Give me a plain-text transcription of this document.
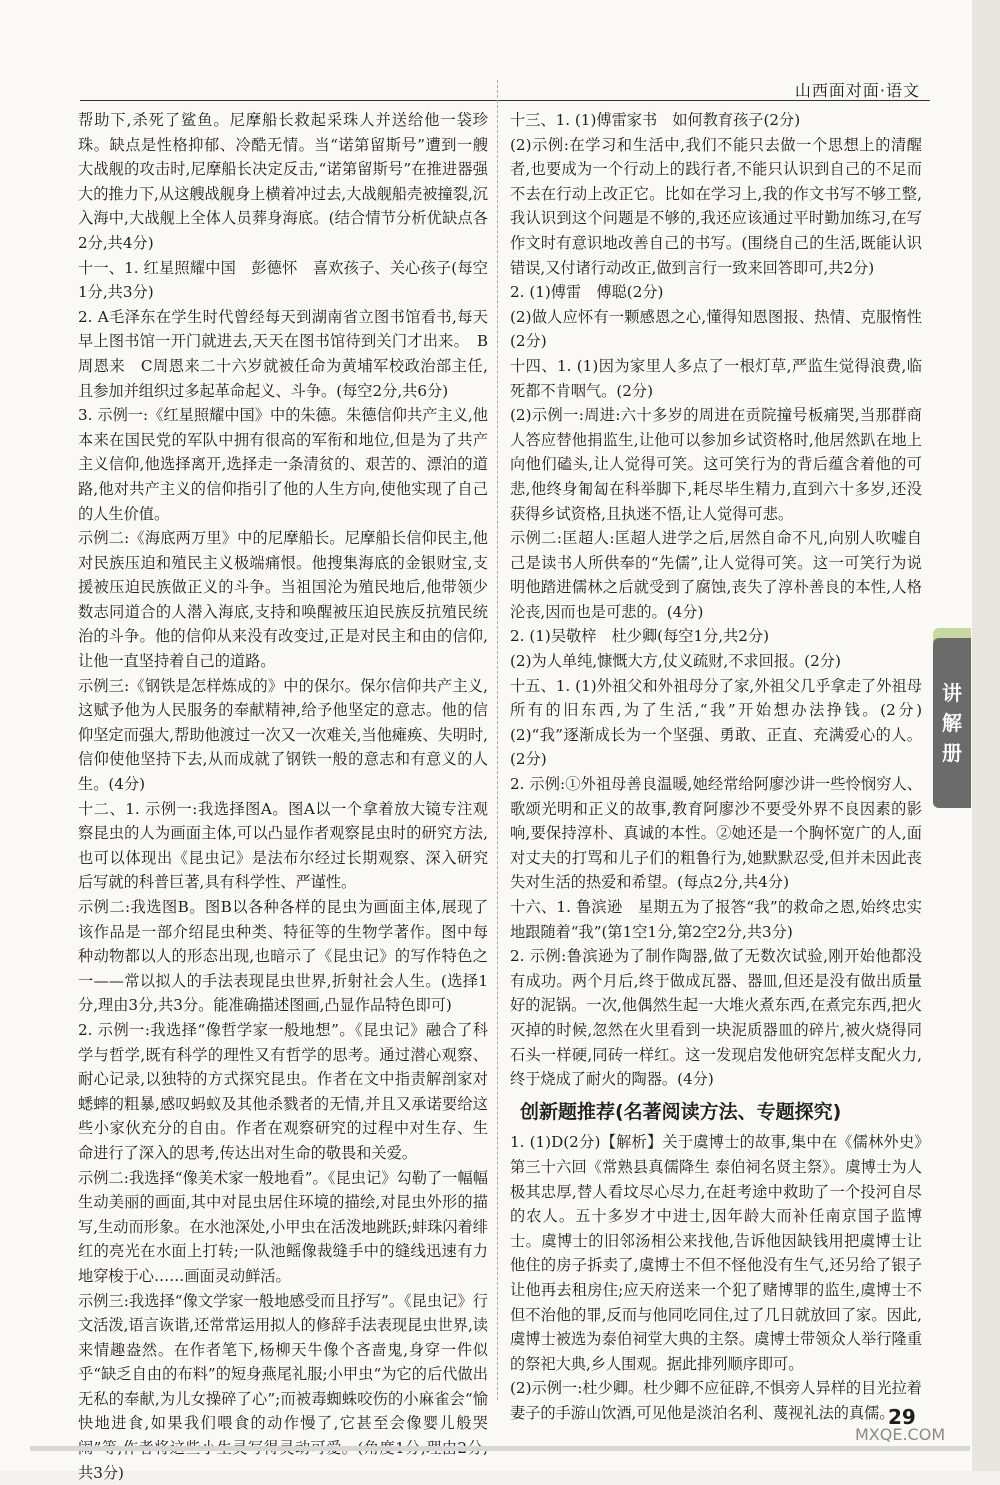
山西面对面·语文

帮助下,杀死了鲨鱼。尼摩船长救起采珠人并送给他一袋珍珠。缺点是性格抑郁、冷酷无情。当“诺第留斯号”遭到一艘大战舰的攻击时,尼摩船长决定反击,“诺第留斯号”在推进器强大的推力下,从这艘战舰身上横着冲过去,大战舰船壳被撞裂,沉入海中,大战舰上全体人员葬身海底。(结合情节分析优缺点各2分,共4分)

十一、1. 红星照耀中国　彭德怀　喜欢孩子、关心孩子(每空1分,共3分)

2. A毛泽东在学生时代曾经每天到湖南省立图书馆看书,每天早上图书馆一开门就进去,天天在图书馆待到关门才出来。　B周恩来　C周恩来二十六岁就被任命为黄埔军校政治部主任,且参加并组织过多起革命起义、斗争。(每空2分,共6分)

3. 示例一:《红星照耀中国》中的朱德。朱德信仰共产主义,他本来在国民党的军队中拥有很高的军衔和地位,但是为了共产主义信仰,他选择离开,选择走一条清贫的、艰苦的、漂泊的道路,他对共产主义的信仰指引了他的人生方向,使他实现了自己的人生价值。

示例二:《海底两万里》中的尼摩船长。尼摩船长信仰民主,他对民族压迫和殖民主义极端痛恨。他搜集海底的金银财宝,支援被压迫民族做正义的斗争。当祖国沦为殖民地后,他带领少数志同道合的人潜入海底,支持和唤醒被压迫民族反抗殖民统治的斗争。他的信仰从来没有改变过,正是对民主和由的信仰,让他一直坚持着自己的道路。

示例三:《钢铁是怎样炼成的》中的保尔。保尔信仰共产主义,这赋予他为人民服务的奉献精神,给予他坚定的意志。他的信仰坚定而强大,帮助他渡过一次又一次难关,当他瘫痪、失明时,信仰使他坚持下去,从而成就了钢铁一般的意志和有意义的人生。(4分)

十二、1. 示例一:我选择图A。图A以一个拿着放大镜专注观察昆虫的人为画面主体,可以凸显作者观察昆虫时的研究方法,也可以体现出《昆虫记》是法布尔经过长期观察、深入研究后写就的科普巨著,具有科学性、严谨性。

示例二:我选图B。图B以各种各样的昆虫为画面主体,展现了该作品是一部介绍昆虫种类、特征等的生物学著作。图中每种动物都以人的形态出现,也暗示了《昆虫记》的写作特色之一——常以拟人的手法表现昆虫世界,折射社会人生。(选择1分,理由3分,共3分。能准确描述图画,凸显作品特色即可)

2. 示例一:我选择“像哲学家一般地想”。《昆虫记》融合了科学与哲学,既有科学的理性又有哲学的思考。通过潜心观察、耐心记录,以独特的方式探究昆虫。作者在文中指责解剖家对蟋蟀的粗暴,感叹蚂蚁及其他杀戮者的无情,并且又承诺要给这些小家伙充分的自由。作者在观察研究的过程中对生存、生命进行了深入的思考,传达出对生命的敬畏和关爱。

示例二:我选择“像美术家一般地看”。《昆虫记》勾勒了一幅幅生动美丽的画面,其中对昆虫居住环境的描绘,对昆虫外形的描写,生动而形象。在水池深处,小甲虫在活泼地跳跃;蚌珠闪着绯红的亮光在水面上打转;一队池鳐像裁缝手中的缝线迅速有力地穿梭于心……画面灵动鲜活。

示例三:我选择“像文学家一般地感受而且抒写”。《昆虫记》行文活泼,语言诙谐,还常常运用拟人的修辞手法表现昆虫世界,读来情趣盎然。在作者笔下,杨柳天牛像个吝啬鬼,身穿一件似乎“缺乏自由的布料”的短身燕尾礼服;小甲虫“为它的后代做出无私的奉献,为儿女操碎了心”;而被毒蜘蛛咬伤的小麻雀会“愉快地进食,如果我们喂食的动作慢了,它甚至会像婴儿般哭 共3分)

十三、1. (1)傅雷家书　如何教育孩子(2分)

(2)示例:在学习和生活中,我们不能只去做一个思想上的清醒者,也要成为一个行动上的践行者,不能只认识到自己的不足而不去在行动上改正它。比如在学习上,我的作文书写不够工整,我认识到这个问题是不够的,我还应该通过平时勤加练习,在写作文时有意识地改善自己的书写。(围绕自己的生活,既能认识错误,又付诸行动改正,做到言行一致来回答即可,共2分)

2. (1)傅雷　傅聪(2分)

(2)做人应怀有一颗感恩之心,懂得知恩图报、热情、克服惰性(2分)

十四、1. (1)因为家里人多点了一根灯草,严监生觉得浪费,临死都不肯咽气。(2分)

(2)示例一:周进:六十多岁的周进在贡院撞号板痛哭,当那群商人答应替他捐监生,让他可以参加乡试资格时,他居然趴在地上向他们磕头,让人觉得可笑。这可笑行为的背后蕴含着他的可悲,他终身匍匐在科举脚下,耗尽毕生精力,直到六十多岁,还没获得乡试资格,且执迷不悟,让人觉得可悲。

示例二:匡超人:匡超人进学之后,居然自命不凡,向别人吹嘘自己是读书人所供奉的“先儒”,让人觉得可笑。这一可笑行为说明他踏进儒林之后就受到了腐蚀,丧失了淳朴善良的本性,人格沦丧,因而也是可悲的。(4分)

2. (1)吴敬梓　杜少卿(每空1分,共2分)

(2)为人单纯,慷慨大方,仗义疏财,不求回报。(2分)

十五、1. (1)外祖父和外祖母分了家,外祖父几乎拿走了外祖母所有的旧东西,为了生活,“我”开始想办法挣钱。(2分)(2)“我”逐渐成长为一个坚强、勇敢、正直、充满爱心的人。(2分)

2. 示例:①外祖母善良温暖,她经常给阿廖沙讲一些怜悯穷人、歌颂光明和正义的故事,教育阿廖沙不要受外界不良因素的影响,要保持淳朴、真诚的本性。②她还是一个胸怀宽广的人,面对丈夫的打骂和儿子们的粗鲁行为,她默默忍受,但并未因此丧失对生活的热爱和希望。(每点2分,共4分)

十六、1. 鲁滨逊　星期五为了报答“我”的救命之恩,始终忠实地跟随着“我”(第1空1分,第2空2分,共3分)

2. 示例:鲁滨逊为了制作陶器,做了无数次试验,刚开始他都没有成功。两个月后,终于做成瓦器、器皿,但还是没有做出质量好的泥锅。一次,他偶然生起一大堆火煮东西,在煮完东西,把火灭掉的时候,忽然在火里看到一块泥质器皿的碎片,被火烧得同石头一样硬,同砖一样红。这一发现启发他研究怎样支配火力,终于烧成了耐火的陶器。(4分)

创新题推荐(名著阅读方法、专题探究)

1. (1)D(2分)【解析】关于虞博士的故事,集中在《儒林外史》第三十六回《常熟县真儒降生 泰伯祠名贤主祭》。虞博士为人极其忠厚,替人看坟尽心尽力,在赶考途中救助了一个投河自尽的农人。五十多岁才中进士,因年龄大而补任南京国子监博士。虞博士的旧邻汤相公来找他,告诉他因缺钱用把虞博士让他住的房子拆卖了,虞博士不但不怪他没有生气,还另给了银子让他再去租房住;应天府送来一个犯了赌博罪的监生,虞博士不但不治他的罪,反而与他同吃同住,过了几日就放回了家。因此,虞博士被选为泰伯祠堂大典的主祭。虞博士带领众人举行隆重的祭祀大典,乡人围观。据此排列顺序即可。

(2)示例一:杜少卿。杜少卿不应征辟,不惧旁人异样的目光拉着妻子的手游山饮酒,可见他是淡泊名利、蔑视礼法的真儒。

讲
解
册
29
MXQE.COM
